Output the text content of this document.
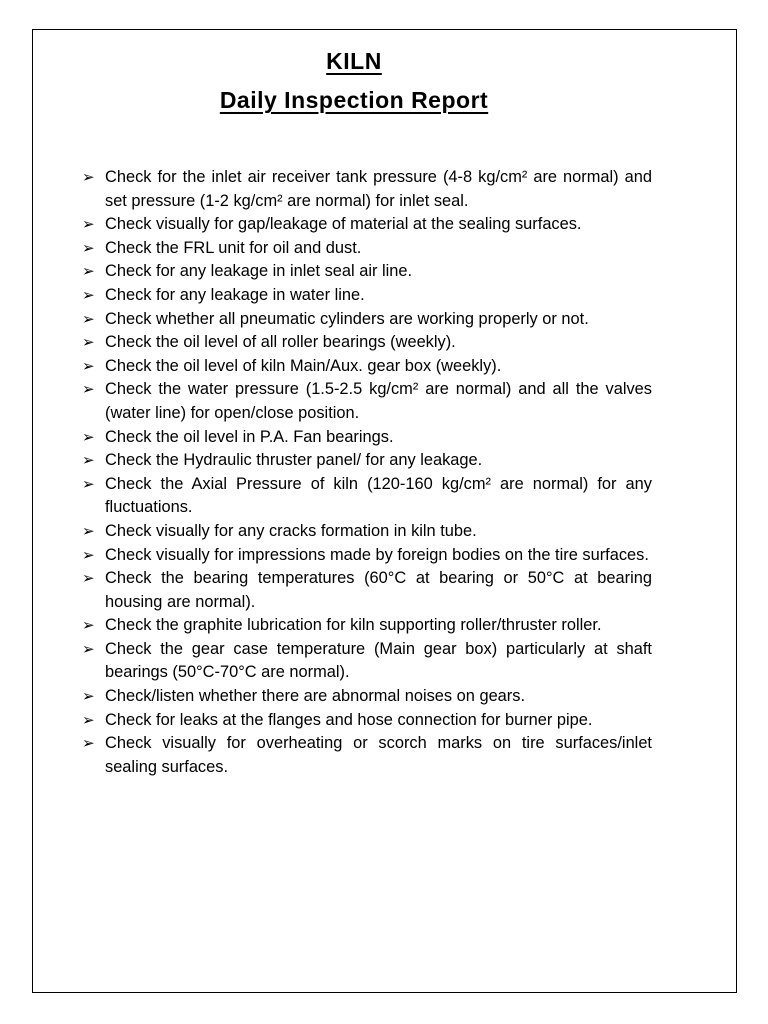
KILN
Daily Inspection Report
➢ Check for the inlet air receiver tank pressure (4-8 kg/cm² are normal) and set pressure (1-2 kg/cm² are normal) for inlet seal.
➢ Check visually for gap/leakage of material at the sealing surfaces.
➢ Check the FRL unit for oil and dust.
➢ Check for any leakage in inlet seal air line.
➢ Check for any leakage in water line.
➢ Check whether all pneumatic cylinders are working properly or not.
➢ Check the oil level of all roller bearings (weekly).
➢ Check the oil level of kiln Main/Aux. gear box (weekly).
➢ Check the water pressure (1.5-2.5 kg/cm² are normal) and all the valves (water line) for open/close position.
➢ Check the oil level in P.A. Fan bearings.
➢ Check the Hydraulic thruster panel/ for any leakage.
➢ Check the Axial Pressure of kiln (120-160 kg/cm² are normal) for any fluctuations.
➢ Check visually for any cracks formation in kiln tube.
➢ Check visually for impressions made by foreign bodies on the tire surfaces.
➢ Check the bearing temperatures (60°C at bearing or 50°C at bearing housing are normal).
➢ Check the graphite lubrication for kiln supporting roller/thruster roller.
➢ Check the gear case temperature (Main gear box) particularly at shaft bearings (50°C-70°C are normal).
➢ Check/listen whether there are abnormal noises on gears.
➢ Check for leaks at the flanges and hose connection for burner pipe.
➢ Check visually for overheating or scorch marks on tire surfaces/inlet sealing surfaces.
